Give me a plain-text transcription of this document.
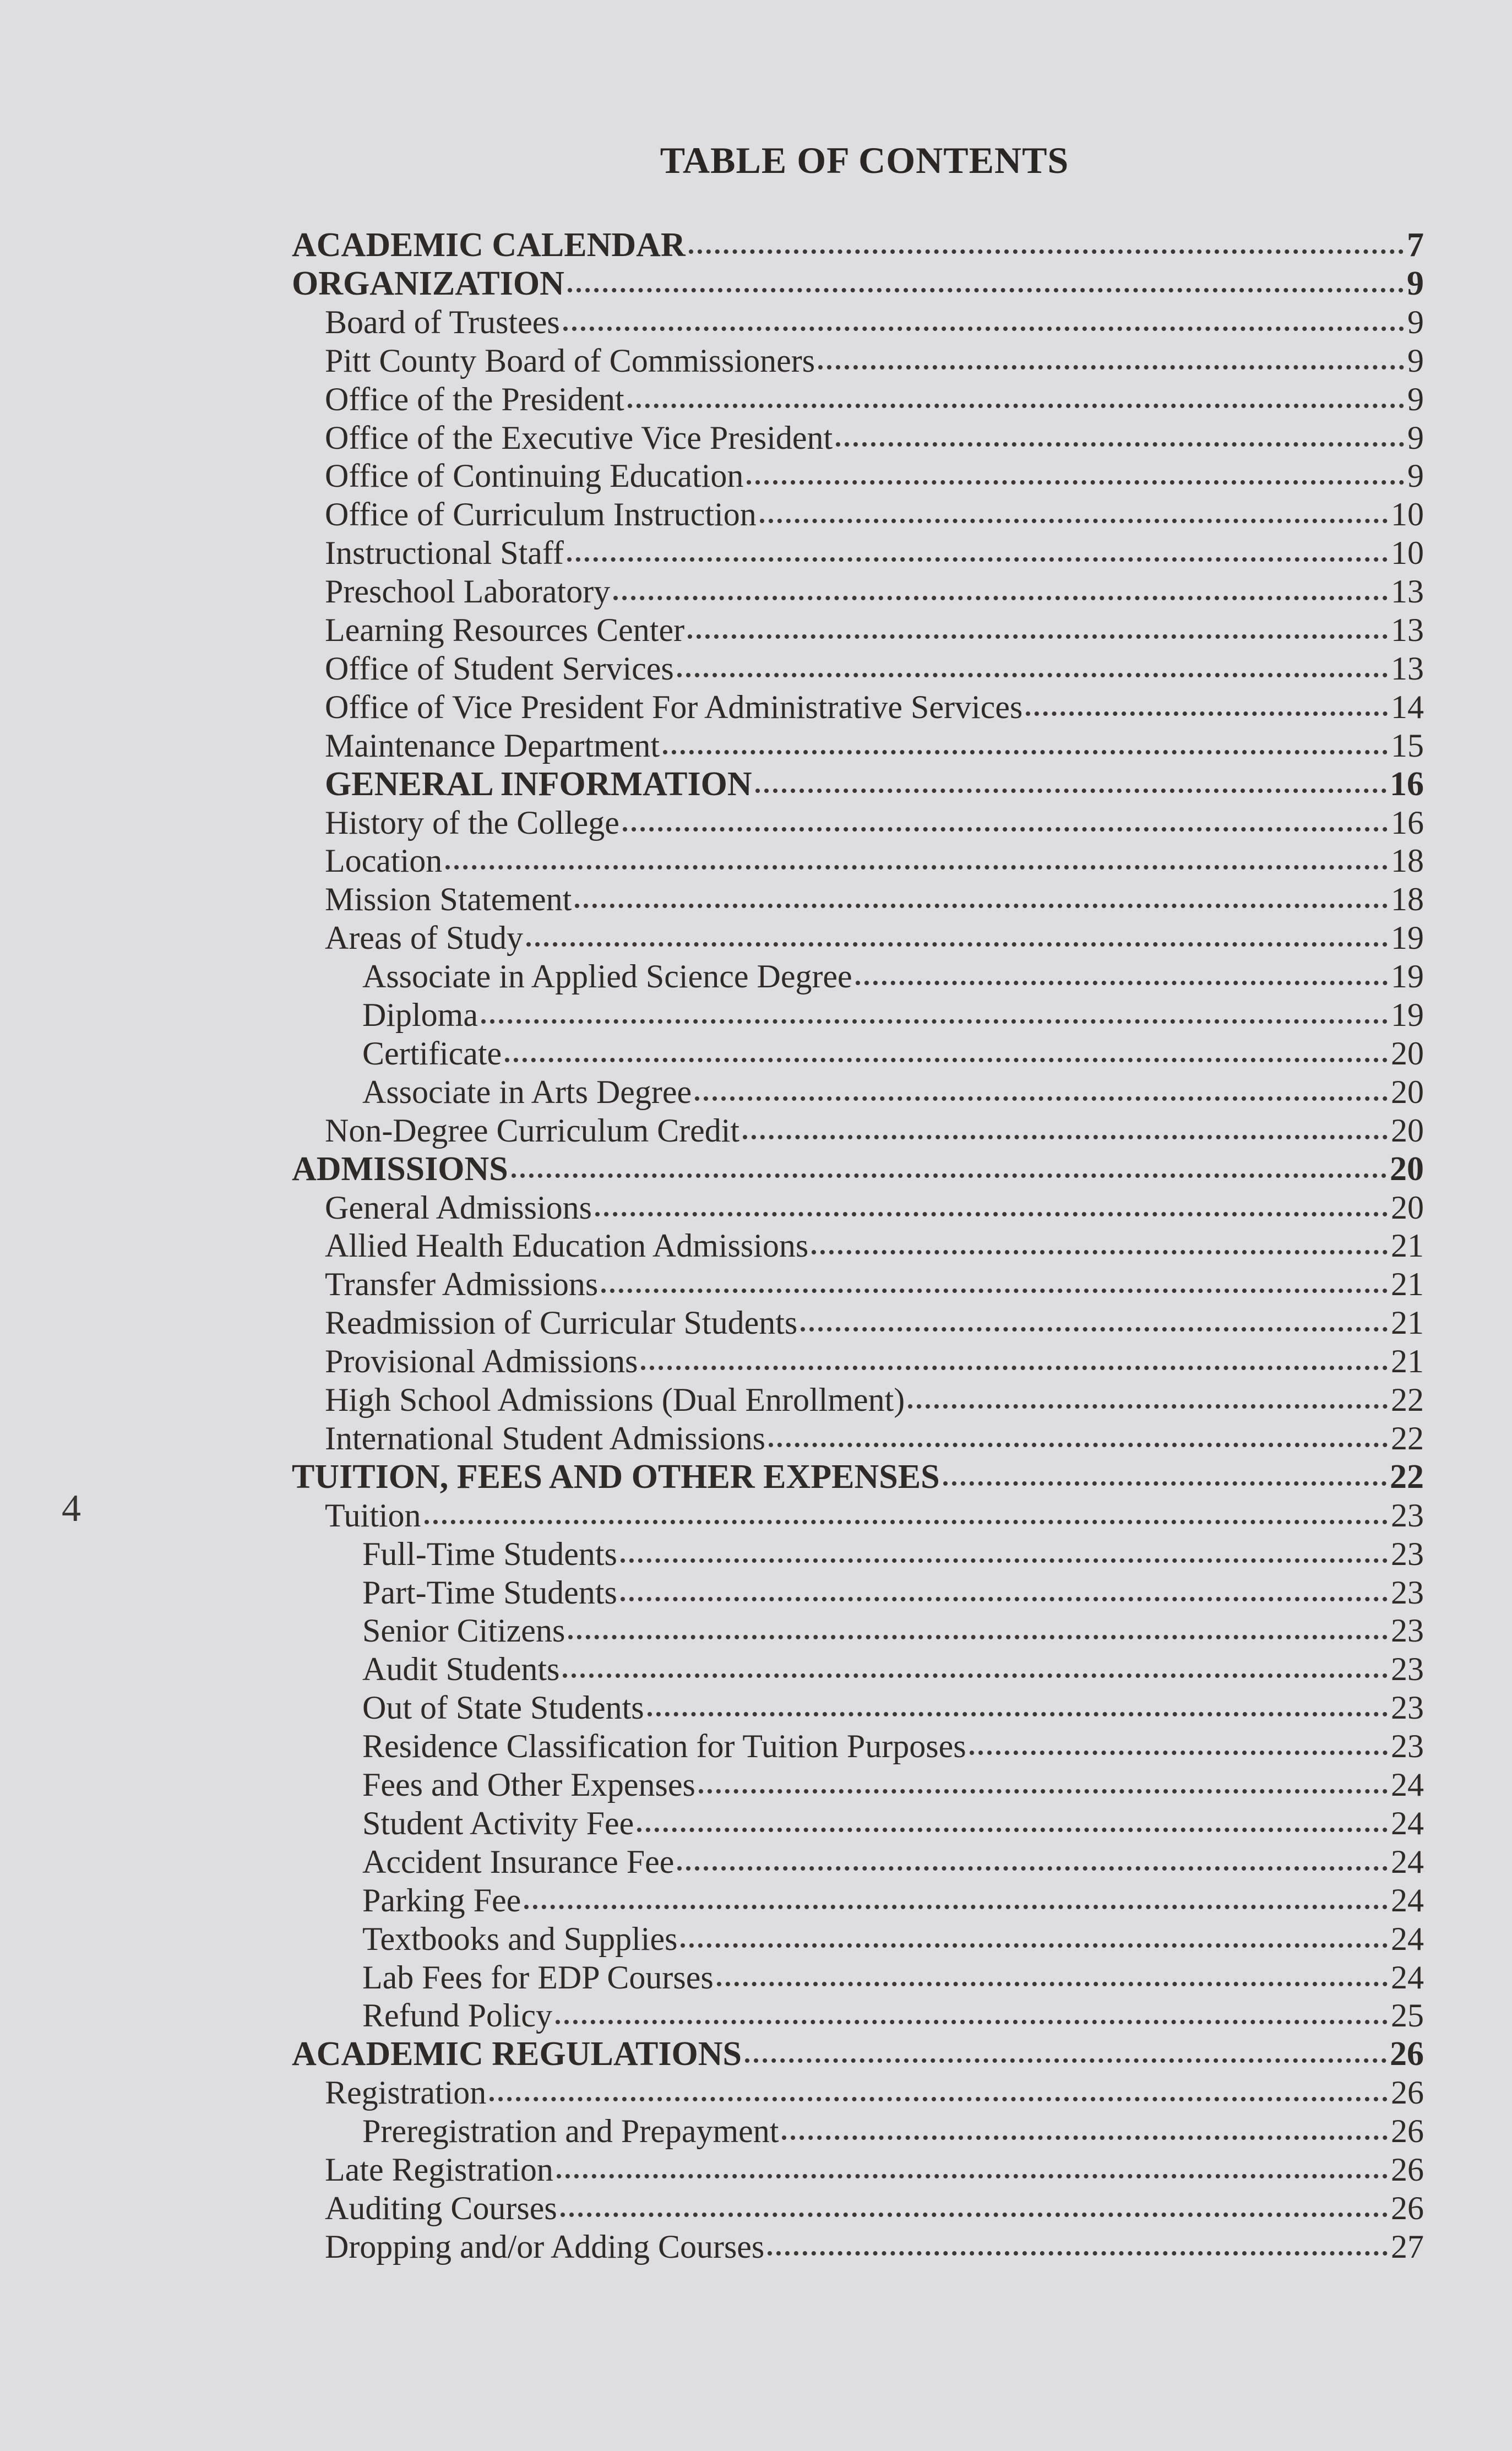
TABLE OF CONTENTS
4
ACADEMIC CALENDAR	7
ORGANIZATION	9
Board of Trustees	9
Pitt County Board of Commissioners	9
Office of the President	9
Office of the Executive Vice President	9
Office of Continuing Education	9
Office of Curriculum Instruction	10
Instructional Staff	10
Preschool Laboratory	13
Learning Resources Center	13
Office of Student Services	13
Office of Vice President For Administrative Services	14
Maintenance Department	15
GENERAL INFORMATION	16
History of the College	16
Location	18
Mission Statement	18
Areas of Study	19
Associate in Applied Science Degree	19
Diploma	19
Certificate	20
Associate in Arts Degree	20
Non-Degree Curriculum Credit	20
ADMISSIONS	20
General Admissions	20
Allied Health Education Admissions	21
Transfer Admissions	21
Readmission of Curricular Students	21
Provisional Admissions	21
High School Admissions (Dual Enrollment)	22
International Student Admissions	22
TUITION, FEES AND OTHER EXPENSES	22
Tuition	23
Full-Time Students	23
Part-Time Students	23
Senior Citizens	23
Audit Students	23
Out of State Students	23
Residence Classification for Tuition Purposes	23
Fees and Other Expenses	24
Student Activity Fee	24
Accident Insurance Fee	24
Parking Fee	24
Textbooks and Supplies	24
Lab Fees for EDP Courses	24
Refund Policy	25
ACADEMIC REGULATIONS	26
Registration	26
Preregistration and Prepayment	26
Late Registration	26
Auditing Courses	26
Dropping and/or Adding Courses	27
